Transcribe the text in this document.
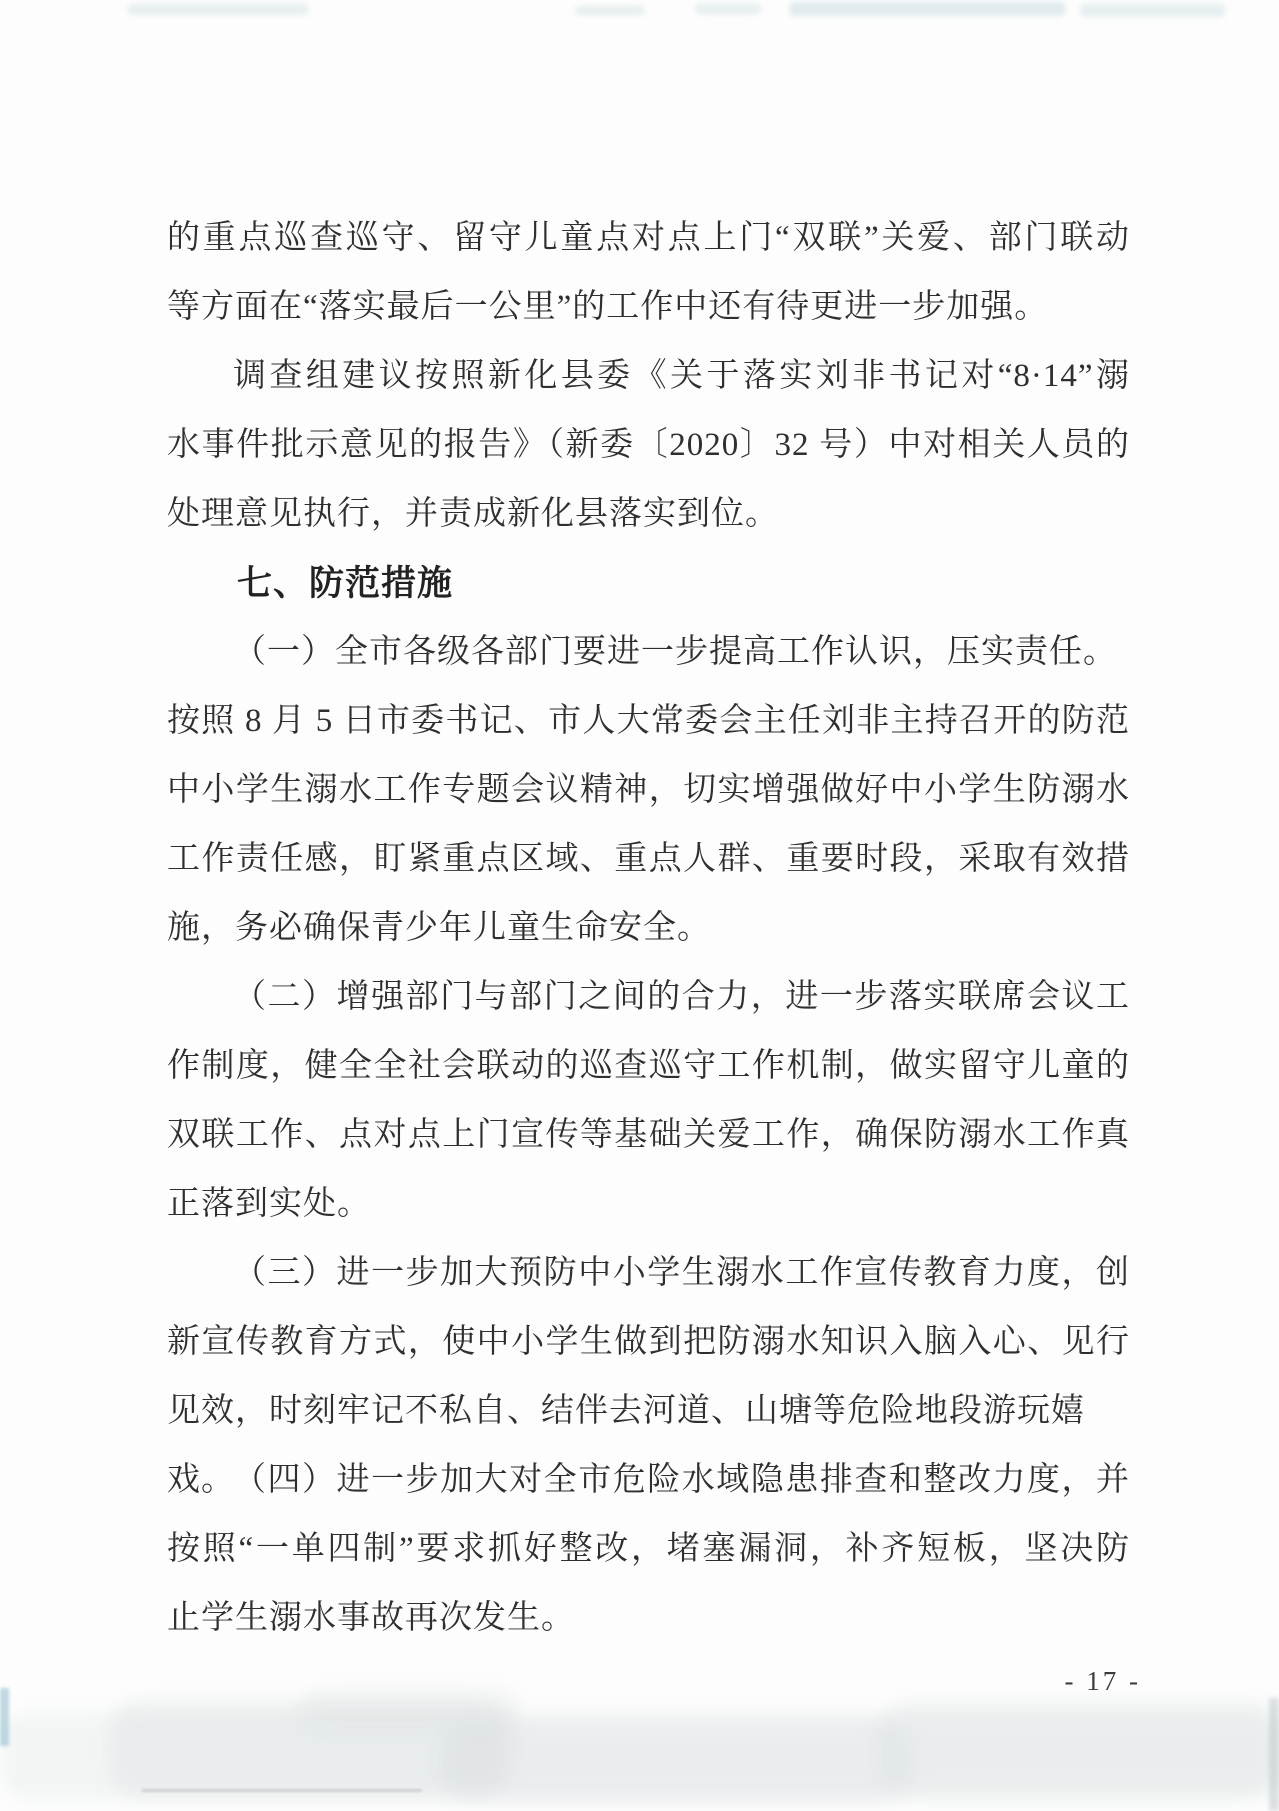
的重点巡查巡守、留守儿童点对点上门“双联”关爱、部门联动
等方面在“落实最后一公里”的工作中还有待更进一步加强。
调查组建议按照新化县委《关于落实刘非书记对“8·14”溺
水事件批示意见的报告》（新委〔2020〕32 号）中对相关人员的
处理意见执行，并责成新化县落实到位。
七、防范措施
（一）全市各级各部门要进一步提高工作认识，压实责任。
按照 8 月 5 日市委书记、市人大常委会主任刘非主持召开的防范
中小学生溺水工作专题会议精神，切实增强做好中小学生防溺水
工作责任感，盯紧重点区域、重点人群、重要时段，采取有效措
施，务必确保青少年儿童生命安全。
（二）增强部门与部门之间的合力，进一步落实联席会议工
作制度，健全全社会联动的巡查巡守工作机制，做实留守儿童的
双联工作、点对点上门宣传等基础关爱工作，确保防溺水工作真
正落到实处。
（三）进一步加大预防中小学生溺水工作宣传教育力度，创
新宣传教育方式，使中小学生做到把防溺水知识入脑入心、见行
见效，时刻牢记不私自、结伴去河道、山塘等危险地段游玩嬉戏。
（四）进一步加大对全市危险水域隐患排查和整改力度，并
按照“一单四制”要求抓好整改，堵塞漏洞，补齐短板，坚决防
止学生溺水事故再次发生。
- 17 -
